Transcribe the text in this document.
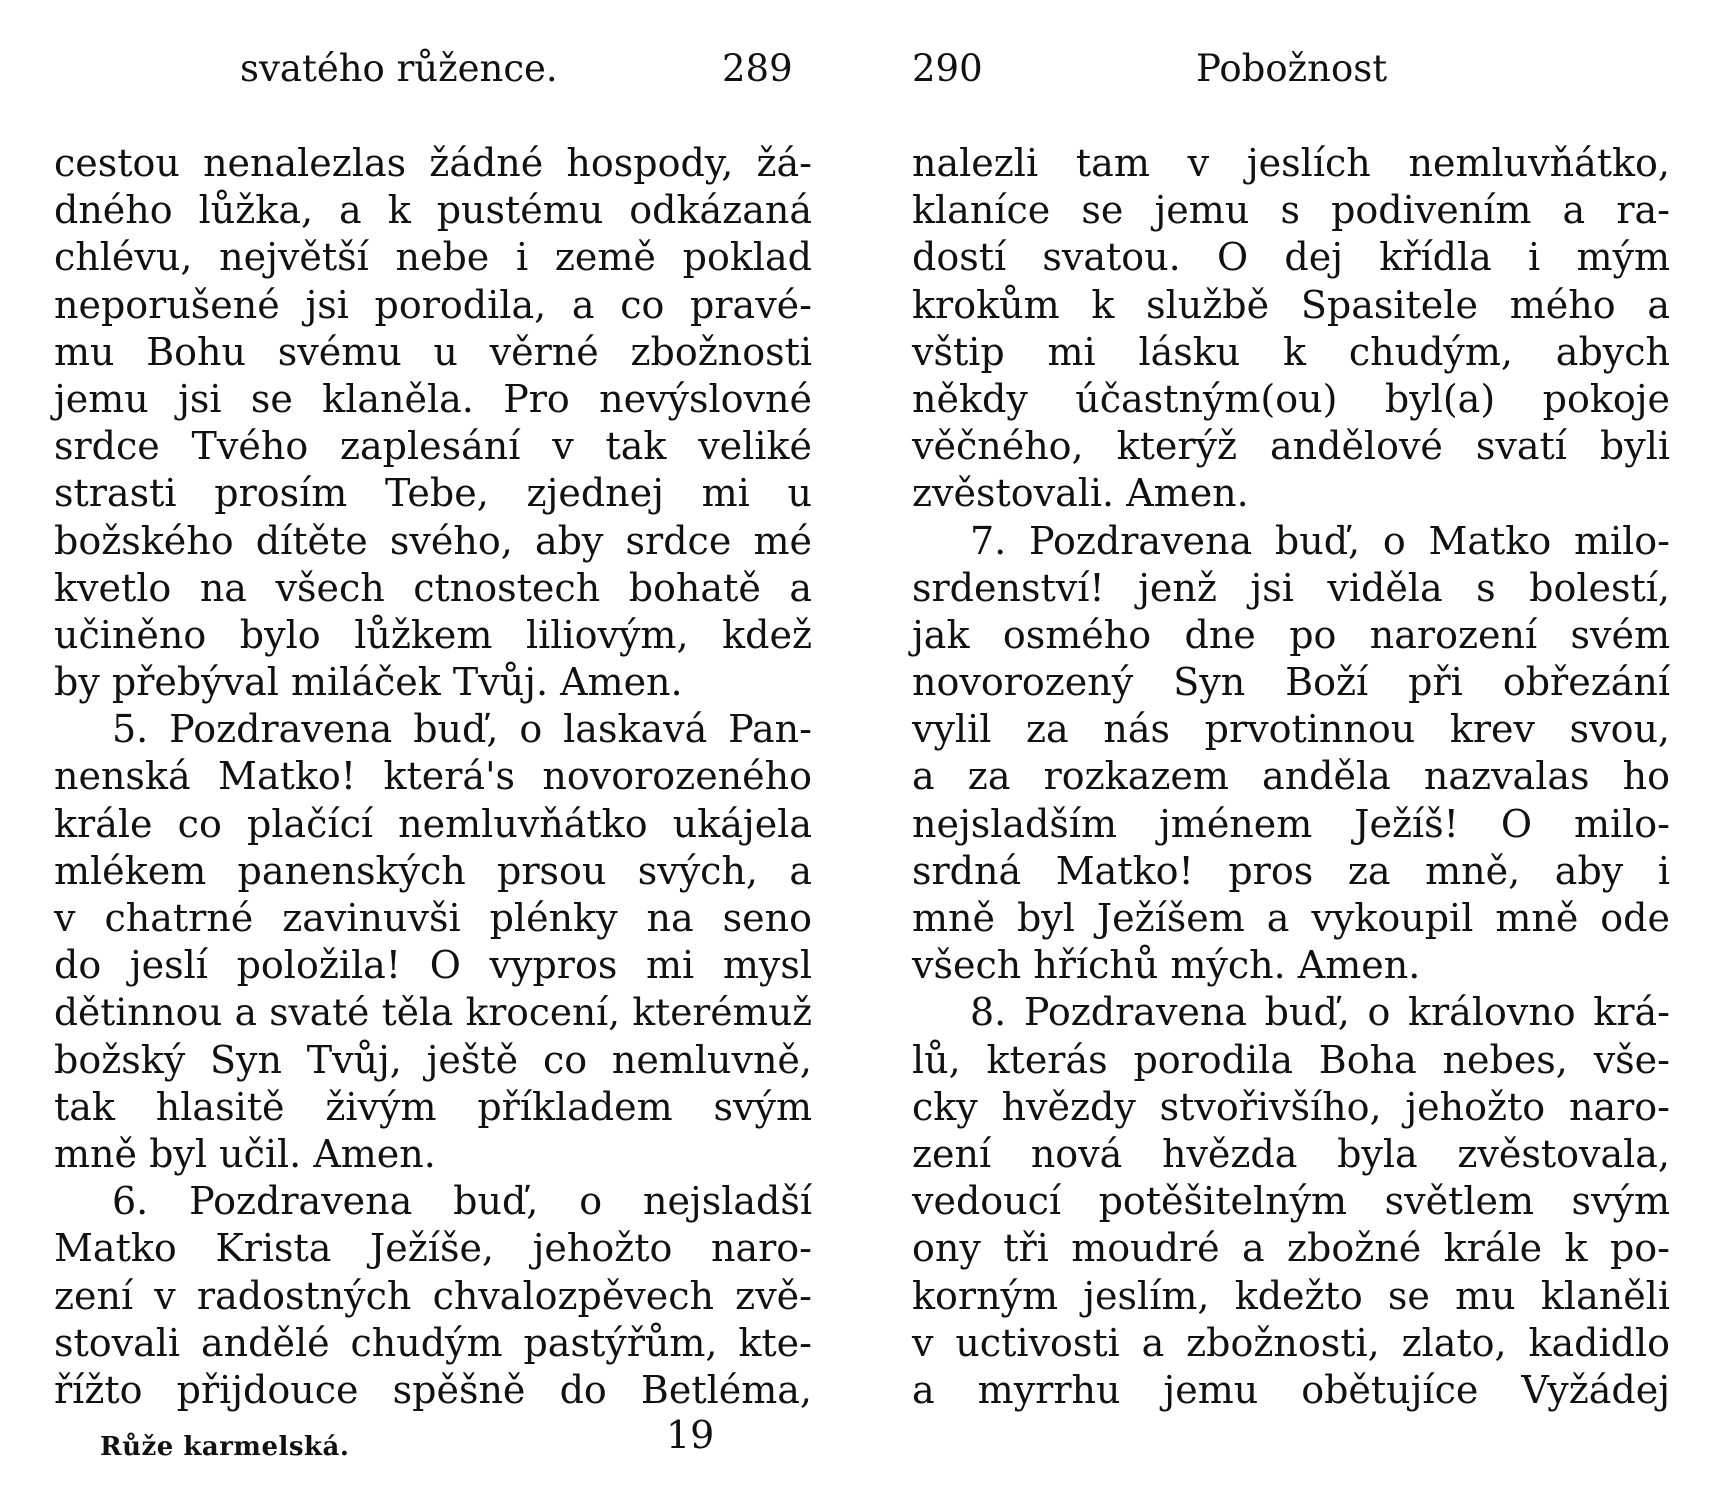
svatého růžence.	289
cestou nenalezlas žádné hospody, žá-
dného lůžka, a k pustému odkázaná
chlévu, největší nebe i země poklad
neporušené jsi porodila, a co pravé-
mu Bohu svému u věrné zbožnosti
jemu jsi se klaněla. Pro nevýslovné
srdce Tvého zaplesání v tak veliké
strasti prosím Tebe, zjednej mi u
božského dítěte svého, aby srdce mé
kvetlo na všech ctnostech bohatě a
učiněno bylo lůžkem liliovým, kdež
by přebýval miláček Tvůj. Amen.
5. Pozdravena buď, o laskavá Pan-
nenská Matko! která's novorozeného
krále co plačící nemluvňátko ukájela
mlékem panenských prsou svých, a
v chatrné zavinuvši plénky na seno
do jeslí položila! O vypros mi mysl
dětinnou a svaté těla krocení, kterémuž
božský Syn Tvůj, ještě co nemluvně,
tak hlasitě živým příkladem svým
mně byl učil. Amen.
6. Pozdravena buď, o nejsladší
Matko Krista Ježíše, jehožto naro-
zení v radostných chvalozpěvech zvě-
stovali andělé chudým pastýřům, kte-
řížto přijdouce spěšně do Betléma,
Růže karmelská.	19
290	Pobožnost
nalezli tam v jeslích nemluvňátko,
klaníce se jemu s podivením a ra-
dostí svatou. O dej křídla i mým
krokům k službě Spasitele mého a
vštip mi lásku k chudým, abych
někdy účastným(ou) byl(a) pokoje
věčného, kterýž andělové svatí byli
zvěstovali. Amen.
7. Pozdravena buď, o Matko milo-
srdenství! jenž jsi viděla s bolestí,
jak osmého dne po narození svém
novorozený Syn Boží při obřezání
vylil za nás prvotinnou krev svou,
a za rozkazem anděla nazvalas ho
nejsladším jménem Ježíš! O milo-
srdná Matko! pros za mně, aby i
mně byl Ježíšem a vykoupil mně ode
všech hříchů mých. Amen.
8. Pozdravena buď, o královno krá-
lů, kterás porodila Boha nebes, vše-
cky hvězdy stvořivšího, jehožto naro-
zení nová hvězda byla zvěstovala,
vedoucí potěšitelným světlem svým
ony tři moudré a zbožné krále k po-
korným jeslím, kdežto se mu klaněli
v uctivosti a zbožnosti, zlato, kadidlo
a myrrhu jemu obětujíce Vyžádej
